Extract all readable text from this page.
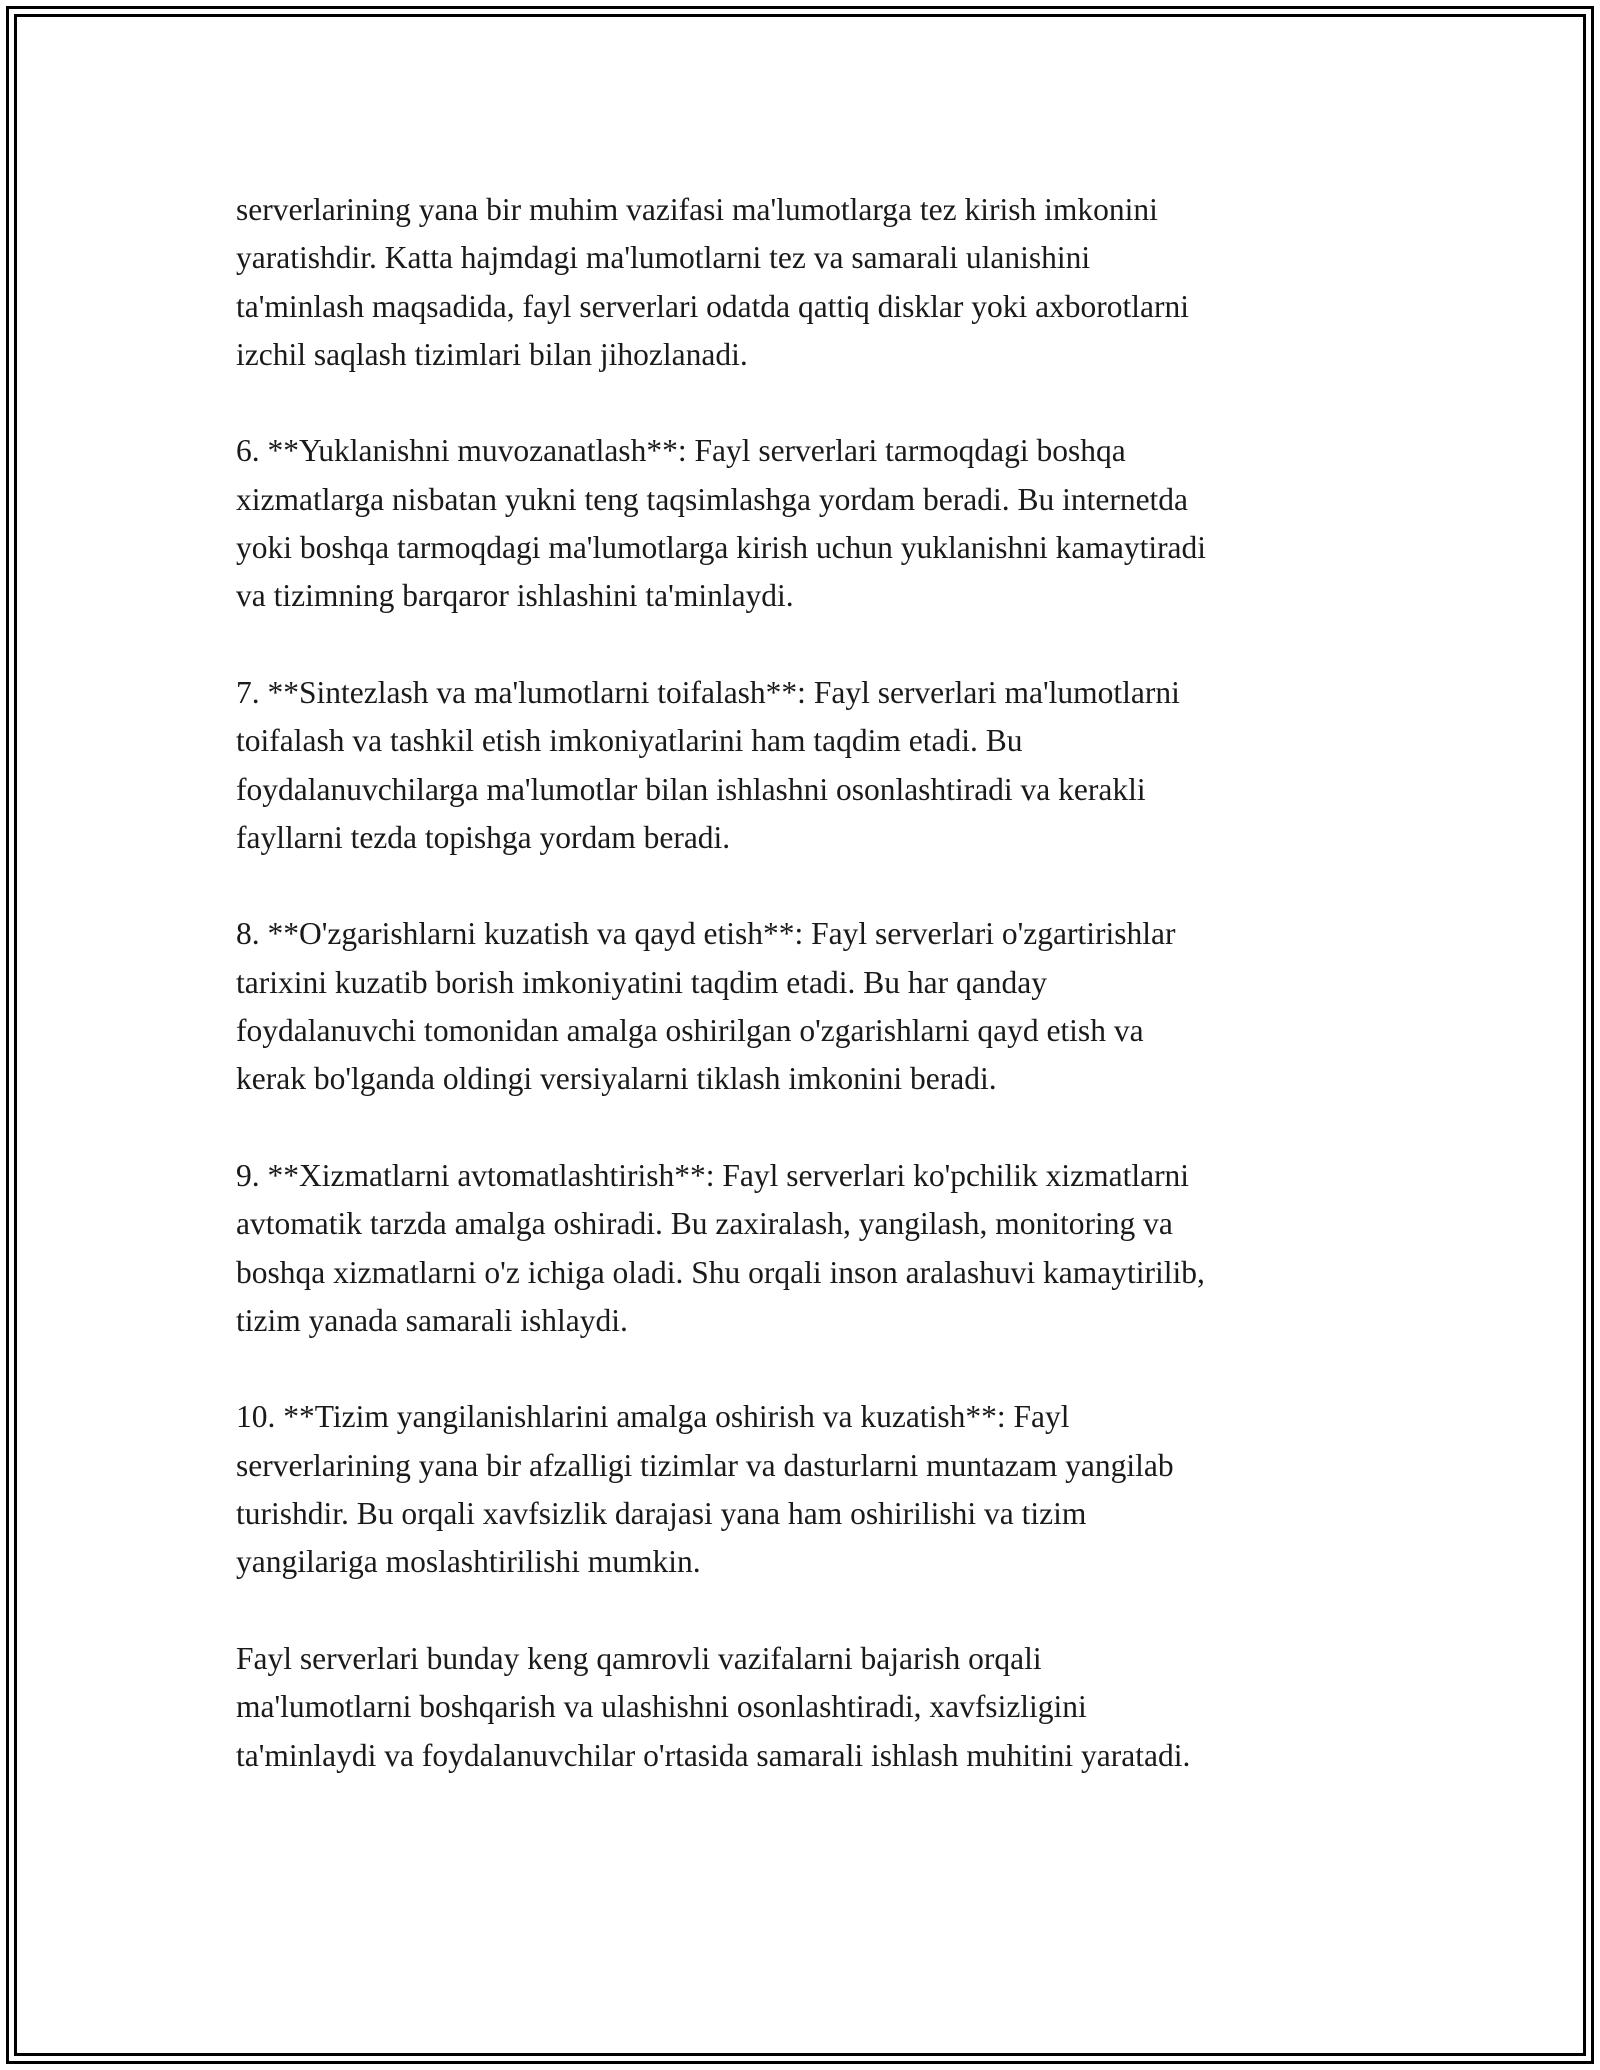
serverlarining yana bir muhim vazifasi ma'lumotlarga tez kirish imkonini
yaratishdir. Katta hajmdagi ma'lumotlarni tez va samarali ulanishini
ta'minlash maqsadida, fayl serverlari odatda qattiq disklar yoki axborotlarni
izchil saqlash tizimlari bilan jihozlanadi.

6. **Yuklanishni muvozanatlash**: Fayl serverlari tarmoqdagi boshqa
xizmatlarga nisbatan yukni teng taqsimlashga yordam beradi. Bu internetda
yoki boshqa tarmoqdagi ma'lumotlarga kirish uchun yuklanishni kamaytiradi
va tizimning barqaror ishlashini ta'minlaydi.

7. **Sintezlash va ma'lumotlarni toifalash**: Fayl serverlari ma'lumotlarni
toifalash va tashkil etish imkoniyatlarini ham taqdim etadi. Bu
foydalanuvchilarga ma'lumotlar bilan ishlashni osonlashtiradi va kerakli
fayllarni tezda topishga yordam beradi.

8. **O'zgarishlarni kuzatish va qayd etish**: Fayl serverlari o'zgartirishlar
tarixini kuzatib borish imkoniyatini taqdim etadi. Bu har qanday
foydalanuvchi tomonidan amalga oshirilgan o'zgarishlarni qayd etish va
kerak bo'lganda oldingi versiyalarni tiklash imkonini beradi.

9. **Xizmatlarni avtomatlashtirish**: Fayl serverlari ko'pchilik xizmatlarni
avtomatik tarzda amalga oshiradi. Bu zaxiralash, yangilash, monitoring va
boshqa xizmatlarni o'z ichiga oladi. Shu orqali inson aralashuvi kamaytirilib,
tizim yanada samarali ishlaydi.

10. **Tizim yangilanishlarini amalga oshirish va kuzatish**: Fayl
serverlarining yana bir afzalligi tizimlar va dasturlarni muntazam yangilab
turishdir. Bu orqali xavfsizlik darajasi yana ham oshirilishi va tizim
yangilariga moslashtirilishi mumkin.

Fayl serverlari bunday keng qamrovli vazifalarni bajarish orqali
ma'lumotlarni boshqarish va ulashishni osonlashtiradi, xavfsizligini
ta'minlaydi va foydalanuvchilar o'rtasida samarali ishlash muhitini yaratadi.
